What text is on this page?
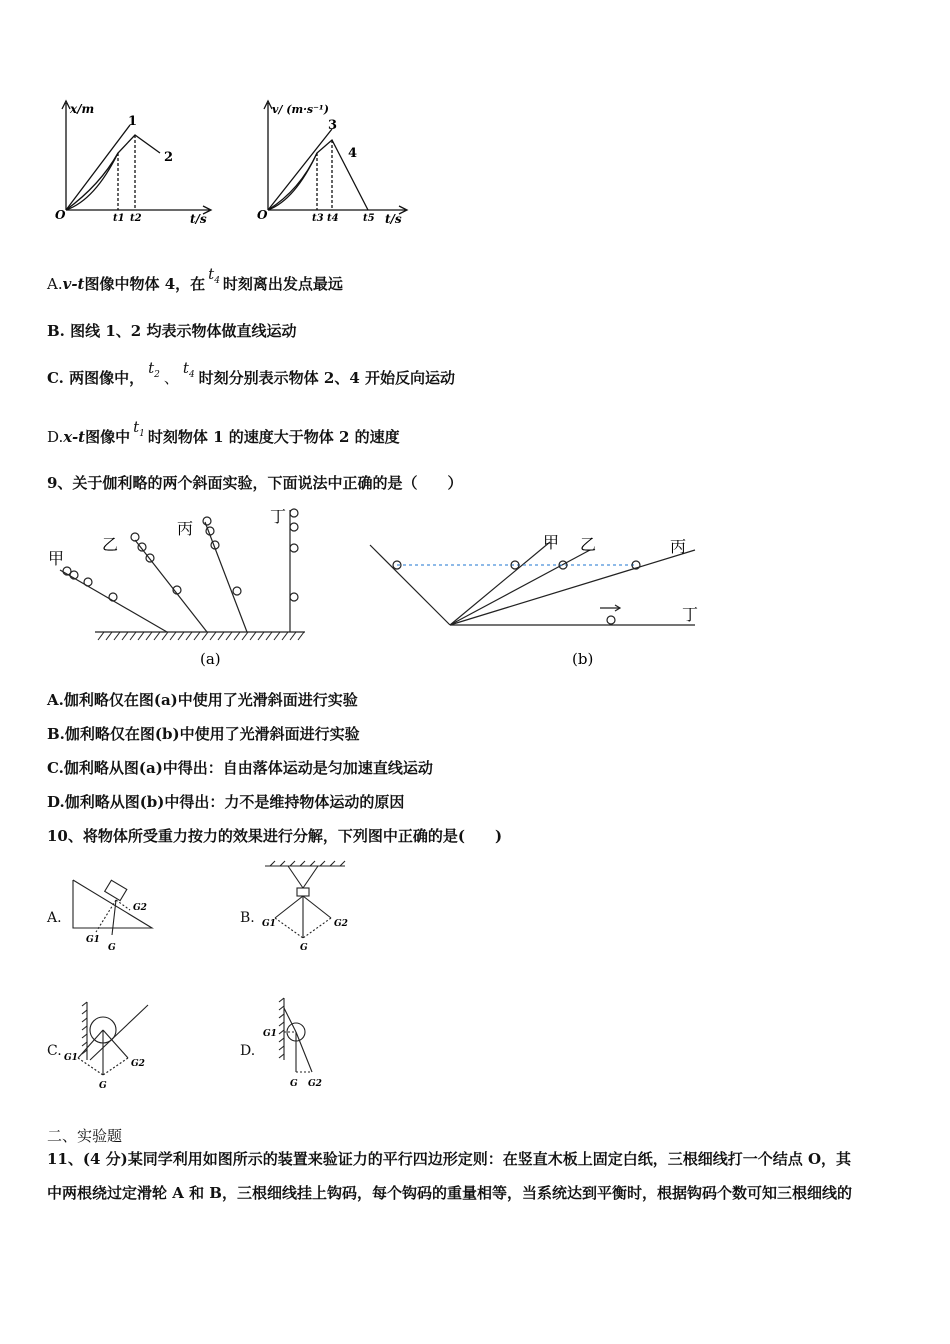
x/m
t/s
O
1
2
t1 t2
v/ (m·s⁻¹)
t/s
O
3
4
t3 t4 t5
A.v-t图像中物体 4，在$t_4$ 时刻离出发点最远
B. 图线 1、2 均表示物体做直线运动
C. 两图像中，$t_2$ 、$t_4$ 时刻分别表示物体 2、4 开始反向运动
D.x-t图像中$t_1$ 时刻物体 1 的速度大于物体 2 的速度
9、关于伽利略的两个斜面实验，下面说法中正确的是（　　）
甲
乙
丙
丁
(a)
甲 乙	丙
丁
(b)
A.伽利略仅在图(a)中使用了光滑斜面进行实验
B.伽利略仅在图(b)中使用了光滑斜面进行实验
C.伽利略从图(a)中得出：自由落体运动是匀加速直线运动
D.伽利略从图(b)中得出：力不是维持物体运动的原因
10、将物体所受重力按力的效果进行分解，下列图中正确的是(　　)
A.	B.
C.	D.
G2
G1
G
G1	G2
G
G1
G2
G
G1
G G2
二、实验题
11、(4 分)某同学利用如图所示的装置来验证力的平行四边形定则：在竖直木板上固定白纸，三根细线打一个结点 O，其
中两根绕过定滑轮 A 和 B，三根细线挂上钩码，每个钩码的重量相等，当系统达到平衡时，根据钩码个数可知三根细线的
